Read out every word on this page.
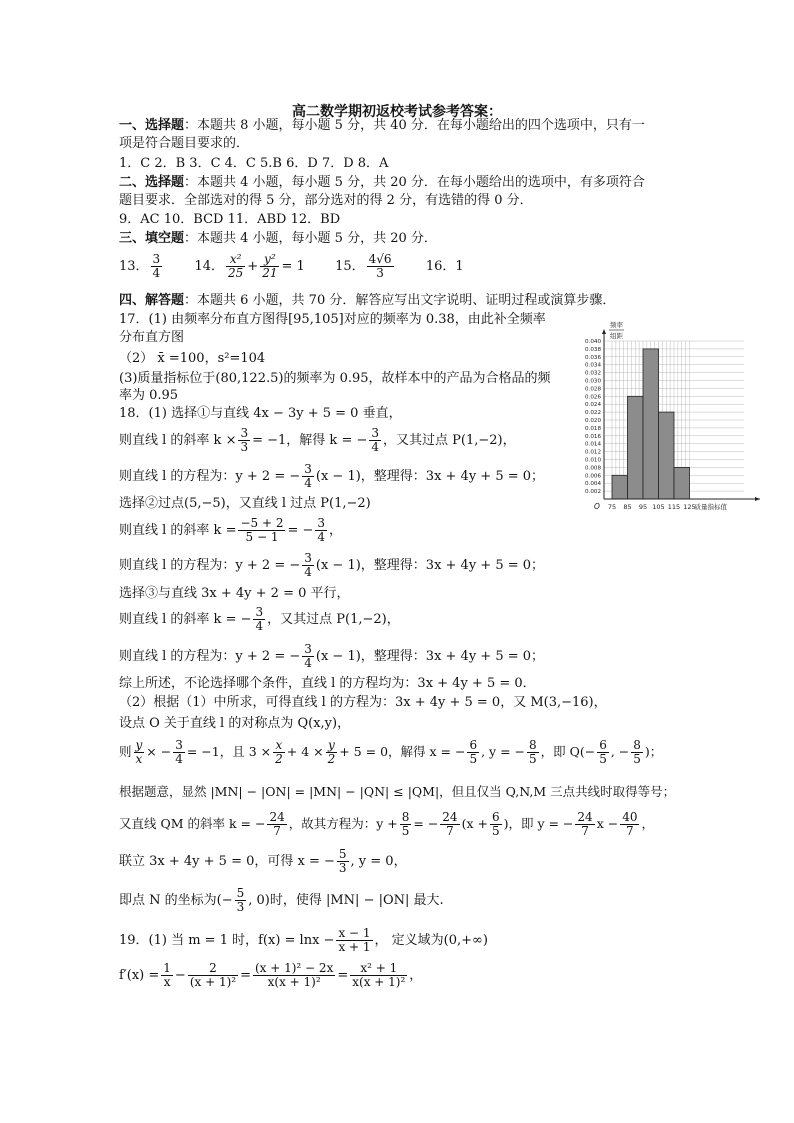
高二数学期初返校考试参考答案：
一、选择题：本题共 8 小题，每小题 5 分，共 40 分．在每小题给出的四个选项中，只有一
项是符合题目要求的．
1．C 2．B 3．C 4．C 5.B 6．D 7．D 8．A
二、选择题：本题共 4 小题，每小题 5 分，共 20 分．在每小题给出的选项中，有多项符合
题目要求．全部选对的得 5 分，部分选对的得 2 分，有选错的得 0 分．
9．AC 10．BCD 11．ABD 12．BD
三、填空题：本题共 4 小题，每小题 5 分，共 20 分．
13． $\frac{3}{4} 14$． $\frac{\text{x²}}{25} + \frac{\text{y²}}{21} = 1$ 15． $\frac{4√6}{3} 16$．1
四、解答题：本题共 6 小题，共 70 分．解答应写出文字说明、证明过程或演算步骤．
17．(1) 由频率分布直方图得[95,105]对应的频率为 0.38，由此补全频率
分布直方图
（2） x̄ =100，s²=104
(3)质量指标位于(80,122.5)的频率为 0.95，故样本中的产品为合格品的频
率为 0.95
18．(1) 选择①与直线 4x − 3y + 5 = 0 垂直，
则直线 l 的斜率 $k \times \frac{3}{3} = -1$，解得 k = − $\frac{3}{4}$ ，又其过点 P(1,−2)，
则直线 l 的方程为：y + 2 = − $\frac{3}{4} (x - 1)$，整理得：3x + 4y + 5 = 0；
选择②过点(5,−5)，又直线 l 过点 P(1,−2)
则直线 l 的斜率 $k = \frac{-5 + 2}{5 - 1}$ = − $\frac{3}{4}$ ，
则直线 l 的方程为：y + 2 = − $\frac{3}{4} (x - 1)$，整理得：3x + 4y + 5 = 0；
选择③与直线 3x + 4y + 2 = 0 平行，
则直线 l 的斜率 k = − $\frac{3}{4}$ ，又其过点 P(1,−2)，
则直线 l 的方程为：y + 2 = − $\frac{3}{4} (x - 1)$，整理得：3x + 4y + 5 = 0；
综上所述，不论选择哪个条件，直线 l 的方程均为：3x + 4y + 5 = 0．
（2）根据（1）中所求，可得直线 l 的方程为：3x + 4y + 5 = 0，又 M(3,−16)，
设点 O 关于直线 l 的对称点为 Q(x,y)，
则 $\frac{y}{x}$ × − $\frac{3}{4} = -1$，且 $3 \times \frac{x}{2} + 4 \times \frac{y}{2} + 5 = 0$，解得 x = − $\frac{6}{5}$ , y = − $\frac{8}{5}$ ，即 $Q(- \frac{6}{5}$ , − $\frac{8}{5}$ )；
根据题意，显然 |MN| − |ON| = |MN| − |QN| ≤ |QM|，但且仅当 Q,N,M 三点共线时取得等号；
又直线 QM 的斜率 k = − $\frac{24}{7}$ ，故其方程为：$y + \frac{8}{5}$ = − $\frac{24}{7} (x + \frac{6}{5}$ )，即 y = − $\frac{24}{7}$ $x - \frac{40}{7}$ ，
联立 3x + 4y + 5 = 0，可得 x = − $\frac{5}{3}$ , y = 0，
即点 N 的坐标为(− $\frac{5}{3}$ , 0)时，使得 |MN| − |ON| 最大.
19．(1) 当 m = 1 时，$f(x) = \ln x - \frac{x - 1}{x + 1}$ ， 定义域为(0,+∞)
$f'(x) = \frac{1}{x} - \frac{2}{\text{(x + 1)²}} = \frac{\text{(x + 1)² − 2x}}{\text{x(x + 1)²}} = \frac{\text{x² + 1}}{\text{x(x + 1)²}}$ ，
0.002
0.004
0.006
0.008
0.010
0.012
0.014
0.016
0.018
0.020
0.022
0.024
0.026
0.028
0.030
0.032
0.034
0.036
0.038
0.040
75 85 95 105 115 125
O	质量指标值
频率
组距
